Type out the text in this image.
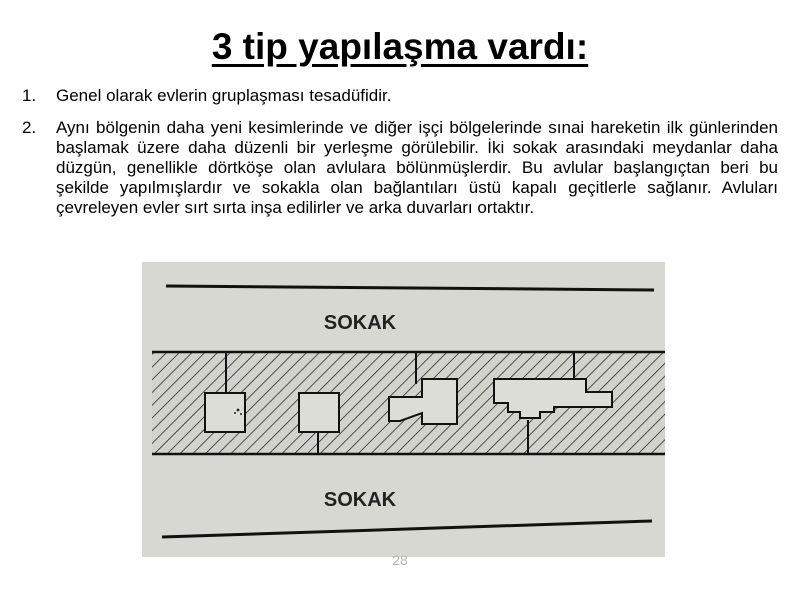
3 tip yapılaşma vardı:
1.	Genel olarak evlerin gruplaşması tesadüfidir.
2.	Aynı bölgenin daha yeni kesimlerinde ve diğer işçi bölgelerinde sınai hareketin ilk günlerinden başlamak üzere daha düzenli bir yerleşme görülebilir. İki sokak arasındaki meydanlar daha düzgün, genellikle dörtköşe olan avlulara bölünmüşlerdir. Bu avlular başlangıçtan beri bu şekilde yapılmışlardır ve sokakla olan bağlantıları üstü kapalı geçitlerle sağlanır. Avluları çevreleyen evler sırt sırta inşa edilirler ve arka duvarları ortaktır.
SOKAK
SOKAK
28
